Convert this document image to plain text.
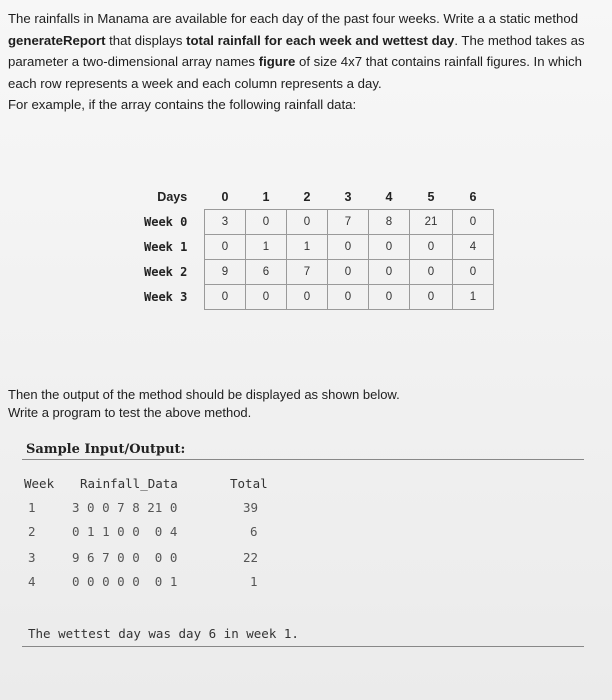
The rainfalls in Manama are available for each day of the past four weeks. Write a a static method
generateReport that displays total rainfall for each week and wettest day. The method takes as
parameter a two-dimensional array names figure of size 4x7 that contains rainfall figures. In which
each row represents a week and each column represents a day.
For example, if the array contains the following rainfall data:
Days	0	1	2	3	4	5	6
Week 0	3	0	0	7	8	21	0
Week 1	0	1	1	0	0	0	4
Week 2	9	6	7	0	0	0	0
Week 3	0	0	0	0	0	0	1
Then the output of the method should be displayed as shown below.
Write a program to test the above method.
Sample Input/Output:
Week Rainfall_Data	Total
1	3 0 0 7 8 21 0	39
2	0 1 1 0 0  0 4	6
3	9 6 7 0 0  0 0	22
4	0 0 0 0 0  0 1	1
The wettest day was day 6 in week 1.
